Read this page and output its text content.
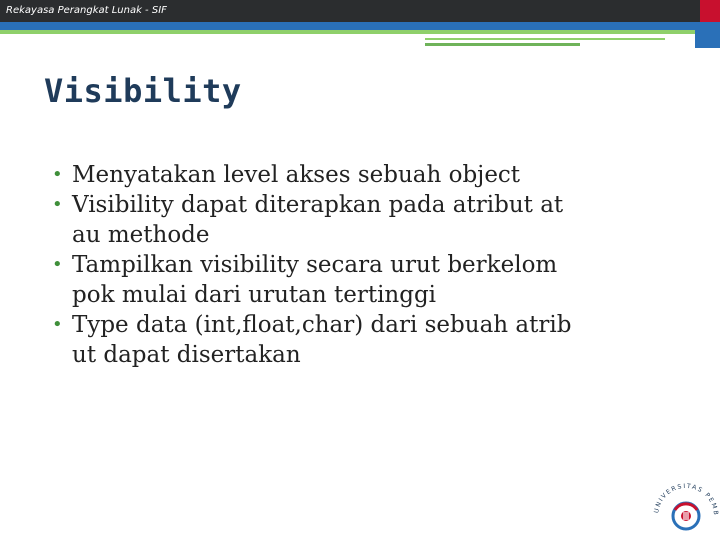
Rekayasa Perangkat Lunak - SIF
Visibility
• Menyatakan level akses sebuah object
• Visibility dapat diterapkan pada atribut at
au methode
• Tampilkan visibility secara urut berkelom
pok mulai dari urutan tertinggi
• Type data (int,float,char) dari sebuah atrib
ut dapat disertakan
UNIVERSITAS PEMB
